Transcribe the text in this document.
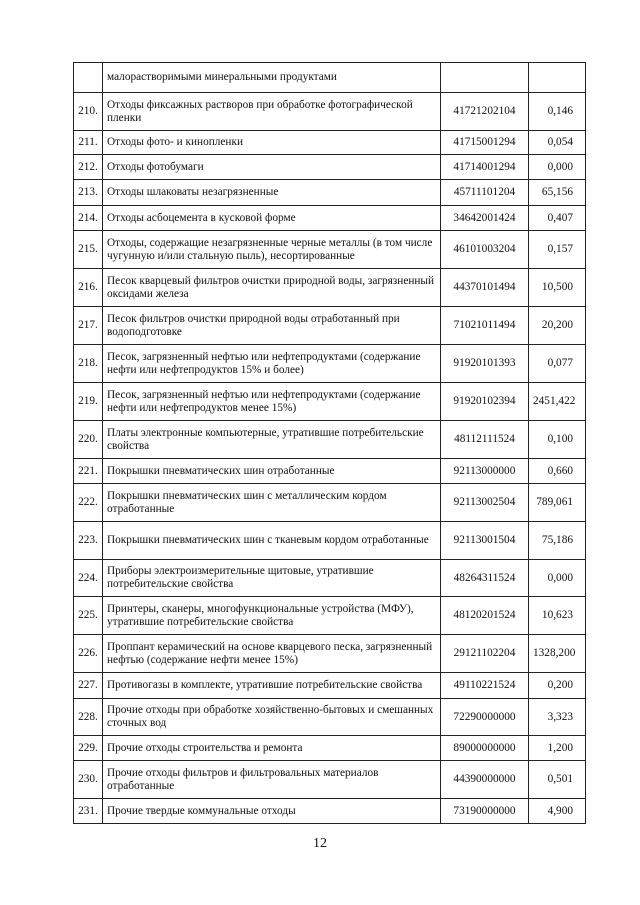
	малорастворимыми минеральными продуктами		
210.	Отходы фиксажных растворов при обработке фотографической пленки	41721202104	0,146
211.	Отходы фото- и кинопленки	41715001294	0,054
212.	Отходы фотобумаги	41714001294	0,000
213.	Отходы шлаковаты незагрязненные	45711101204	65,156
214.	Отходы асбоцемента в кусковой форме	34642001424	0,407
215.	Отходы, содержащие незагрязненные черные металлы (в том числе чугунную и/или стальную пыль), несортированные	46101003204	0,157
216.	Песок кварцевый фильтров очистки природной воды, загрязненный оксидами железа	44370101494	10,500
217.	Песок фильтров очистки природной воды отработанный при водоподготовке	71021011494	20,200
218.	Песок, загрязненный нефтью или нефтепродуктами (содержание нефти или нефтепродуктов 15% и более)	91920101393	0,077
219.	Песок, загрязненный нефтью или нефтепродуктами (содержание нефти или нефтепродуктов менее 15%)	91920102394	2451,422
220.	Платы электронные компьютерные, утратившие потребительские свойства	48112111524	0,100
221.	Покрышки пневматических шин отработанные	92113000000	0,660
222.	Покрышки пневматических шин с металлическим кордом отработанные	92113002504	789,061
223.	Покрышки пневматических шин с тканевым кордом отработанные	92113001504	75,186
224.	Приборы электроизмерительные щитовые, утратившие потребительские свойства	48264311524	0,000
225.	Принтеры, сканеры, многофункциональные устройства (МФУ), утратившие потребительские свойства	48120201524	10,623
226.	Проппант керамический на основе кварцевого песка, загрязненный нефтью (содержание нефти менее 15%)	29121102204	1328,200
227.	Противогазы в комплекте, утратившие потребительские свойства	49110221524	0,200
228.	Прочие отходы при обработке хозяйственно-бытовых и смешанных сточных вод	72290000000	3,323
229.	Прочие отходы строительства и ремонта	89000000000	1,200
230.	Прочие отходы фильтров и фильтровальных материалов отработанные	44390000000	0,501
231.	Прочие твердые коммунальные отходы	73190000000	4,900
12
